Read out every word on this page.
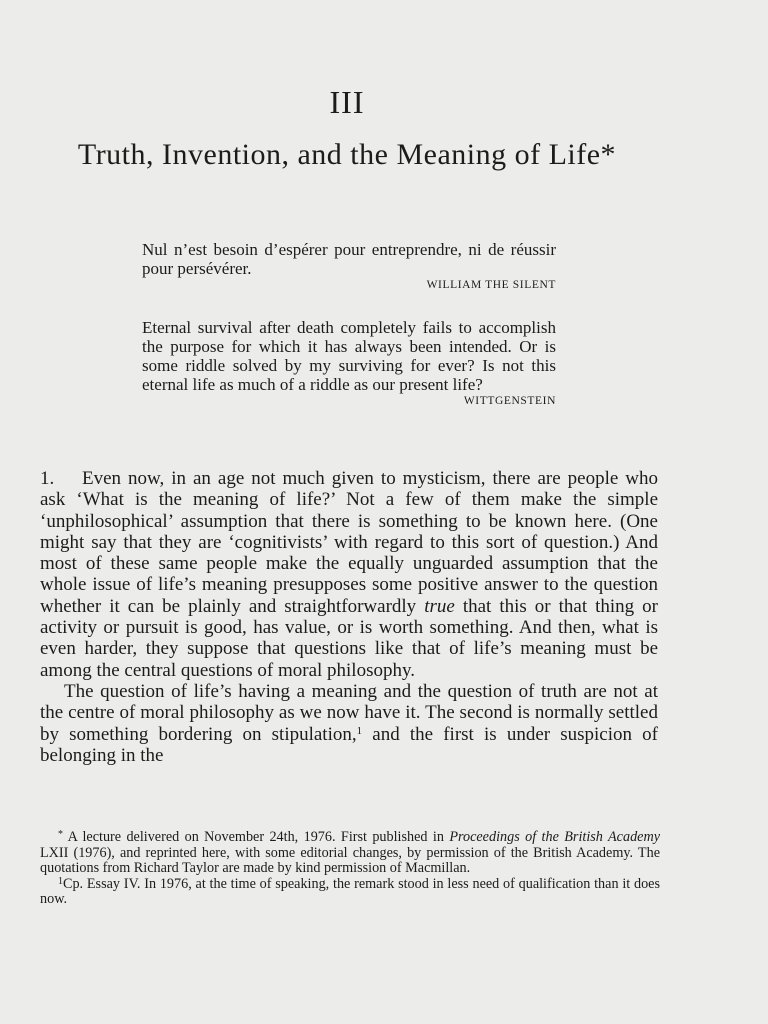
III
Truth, Invention, and the Meaning of Life*
Nul n’est besoin d’espérer pour entreprendre, ni de réussir pour persévérer.
WILLIAM THE SILENT
Eternal survival after death completely fails to accomplish the purpose for which it has always been intended. Or is some riddle solved by my surviving for ever? Is not this eternal life as much of a riddle as our present life?
WITTGENSTEIN

1. Even now, in an age not much given to mysticism, there are people who ask ‘What is the meaning of life?’ Not a few of them make the simple ‘unphilosophical’ assumption that there is something to be known here. (One might say that they are ‘cognitivists’ with regard to this sort of question.) And most of these same people make the equally unguarded assumption that the whole issue of life’s meaning presupposes some positive answer to the question whether it can be plainly and straightforwardly true that this or that thing or activity or pursuit is good, has value, or is worth something. And then, what is even harder, they suppose that questions like that of life’s meaning must be among the central questions of moral philosophy.

The question of life’s having a meaning and the question of truth are not at the centre of moral philosophy as we now have it. The second is normally settled by something bordering on stipulation,$^1$ and the first is under suspicion of belonging in the

* A lecture delivered on November 24th, 1976. First published in Proceedings of the British Academy LXII (1976), and reprinted here, with some editorial changes, by permission of the British Academy. The quotations from Richard Taylor are made by kind permission of Macmillan.

$^1$Cp. Essay IV. In 1976, at the time of speaking, the remark stood in less need of qualification than it does now.
